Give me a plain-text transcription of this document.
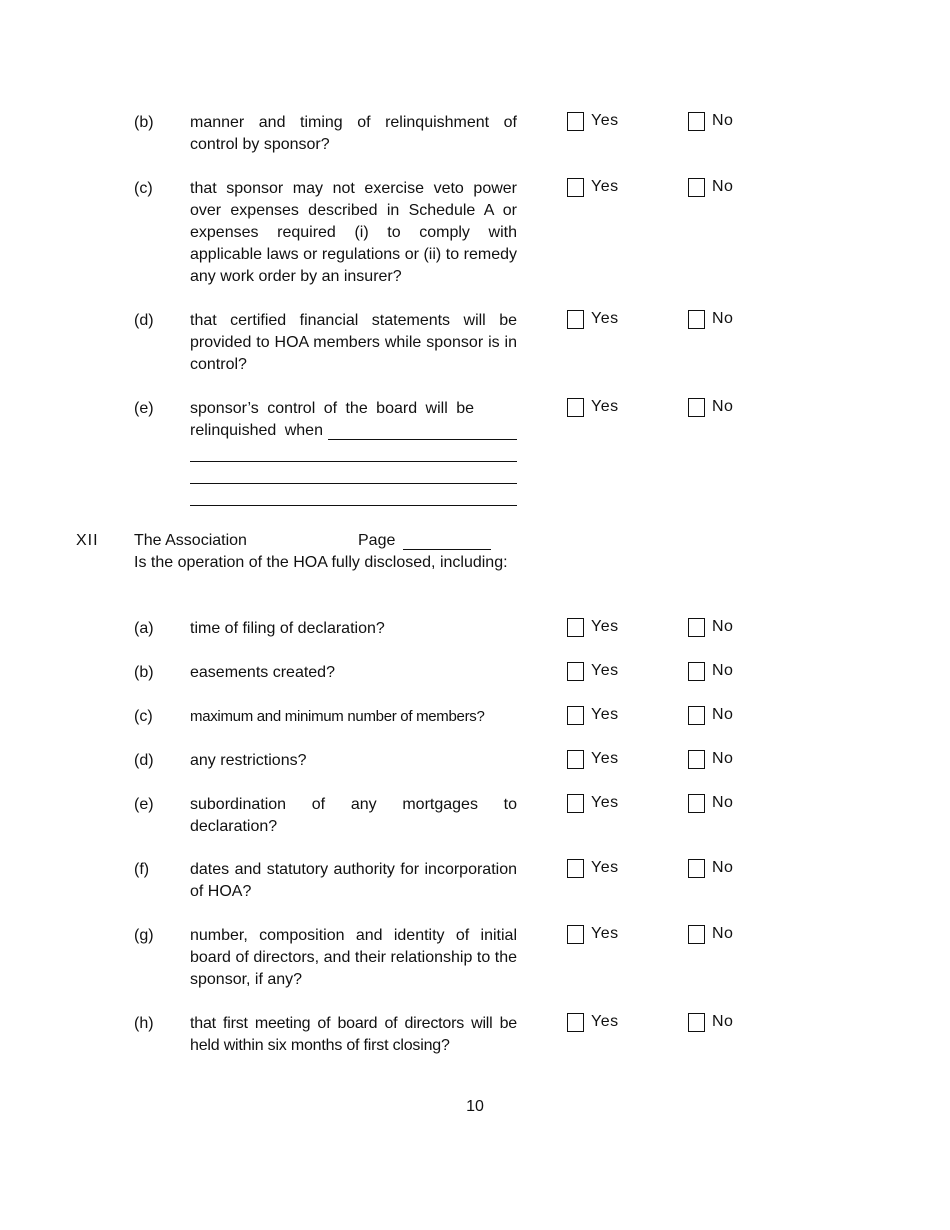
(b) manner and timing of relinquishment of control by sponsor?
Yes	No
(c) that sponsor may not exercise veto power over expenses described in Schedule A or expenses required (i) to comply with applicable laws or regulations or (ii) to remedy any work order by an insurer?
Yes	No
(d) that certified financial statements will be provided to HOA members while sponsor is in control?
Yes	No
(e) sponsor’s control of the board will be relinquished when
Yes	No
XII The Association	Page
Is the operation of the HOA fully disclosed, including:
(a) time of filing of declaration?	Yes	No
(b) easements created?	Yes	No
(c) maximum and minimum number of members?	Yes	No
(d) any restrictions?	Yes	No
(e) subordination of any mortgages to declaration?
Yes	No
(f)	dates and statutory authority for incorporation of HOA?
Yes	No
(g) number, composition and identity of initial board of directors, and their relationship to the sponsor, if any?
Yes	No
(h) that first meeting of board of directors will be held within six months of first closing?
Yes	No
10
